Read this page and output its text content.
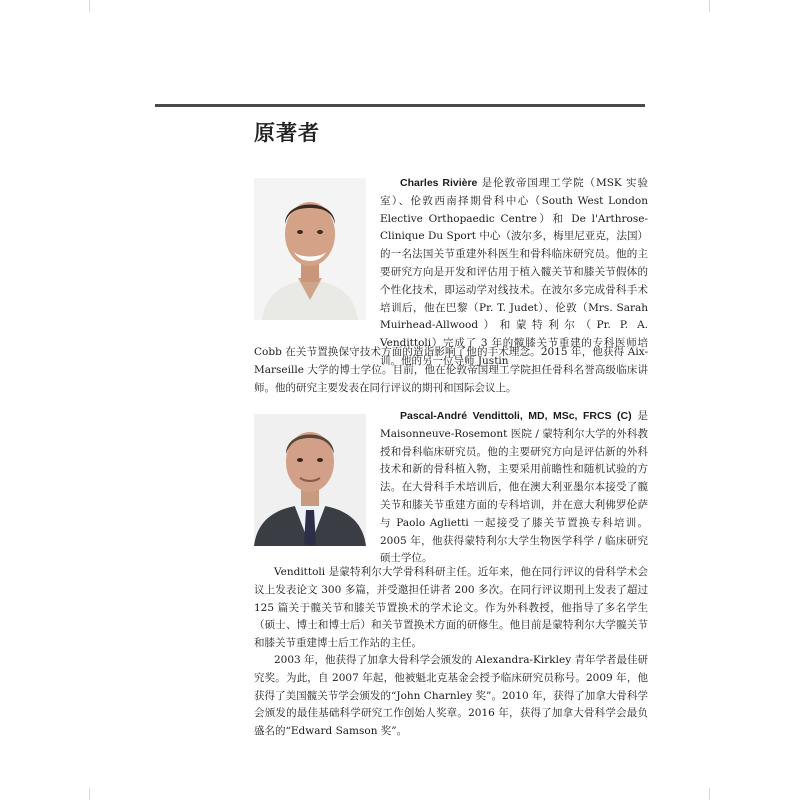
原著者

Charles Rivière 是伦敦帝国理工学院（MSK 实验室）、伦敦西南择期骨科中心（South West London Elective Orthopaedic Centre）和 De l'Arthrose-Clinique Du Sport 中心（波尔多，梅里尼亚克，法国）的一名法国关节重建外科医生和骨科临床研究员。他的主要研究方向是开发和评估用于植入髋关节和膝关节假体的个性化技术，即运动学对线技术。在波尔多完成骨科手术培训后，他在巴黎（Pr. T. Judet）、伦敦（Mrs. Sarah Muirhead-Allwood）和蒙特利尔（Pr. P. A. Vendittoli）完成了 3 年的髋膝关节重建的专科医师培训。他的另一位导师 Justin

Cobb 在关节置换保守技术方面的造诣影响了他的手术理念。2015 年，他获得 Aix-Marseille 大学的博士学位。目前，他在伦敦帝国理工学院担任骨科名誉高级临床讲师。他的研究主要发表在同行评议的期刊和国际会议上。

Pascal-André Vendittoli, MD, MSc, FRCS (C) 是 Maisonneuve-Rosemont 医院 / 蒙特利尔大学的外科教授和骨科临床研究员。他的主要研究方向是评估新的外科技术和新的骨科植入物，主要采用前瞻性和随机试验的方法。在大骨科手术培训后，他在澳大利亚墨尔本接受了髋关节和膝关节重建方面的专科培训，并在意大利佛罗伦萨与 Paolo Aglietti 一起接受了膝关节置换专科培训。2005 年，他获得蒙特利尔大学生物医学科学 / 临床研究硕士学位。

Vendittoli 是蒙特利尔大学骨科科研主任。近年来，他在同行评议的骨科学术会议上发表论文 300 多篇，并受邀担任讲者 200 多次。在同行评议期刊上发表了超过 125 篇关于髋关节和膝关节置换术的学术论文。作为外科教授，他指导了多名学生（硕士、博士和博士后）和关节置换术方面的研修生。他目前是蒙特利尔大学髋关节和膝关节重建博士后工作站的主任。

2003 年，他获得了加拿大骨科学会颁发的 Alexandra-Kirkley 青年学者最佳研究奖。为此，自 2007 年起，他被魁北克基金会授予临床研究员称号。2009 年，他获得了美国髋关节学会颁发的“John Charnley 奖”。2010 年，获得了加拿大骨科学会颁发的最佳基础科学研究工作创始人奖章。2016 年，获得了加拿大骨科学会最负盛名的“Edward Samson 奖”。
